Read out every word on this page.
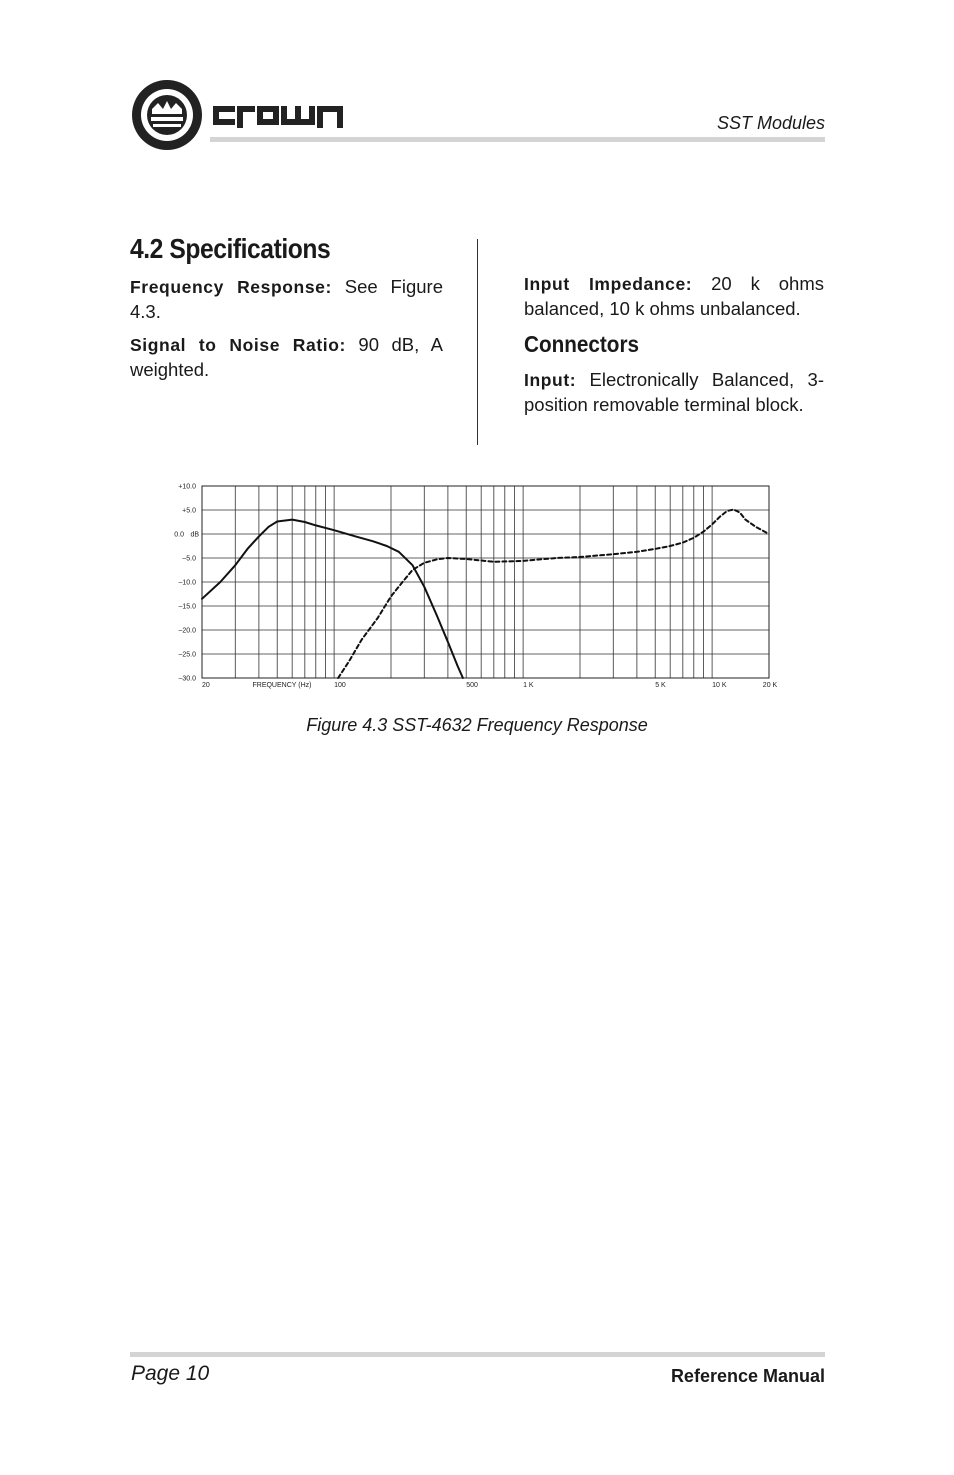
SST Modules
4.2 Specifications

Frequency Response: See Figure 4.3.

Signal to Noise Ratio: 90 dB, A weighted.

Input Impedance: 20 k ohms balanced, 10 k ohms unbalanced.

Connectors

Input: Electronically Balanced, 3-position removable terminal block.

+10.0
+5.0
0.0
–5.0
–10.0
–15.0
–20.0
–25.0
–30.0
dB
20	100	500	1 K	5 K	10 K	20 K
FREQUENCY (Hz)
Figure 4.3 SST-4632 Frequency Response
Page 10	Reference Manual
